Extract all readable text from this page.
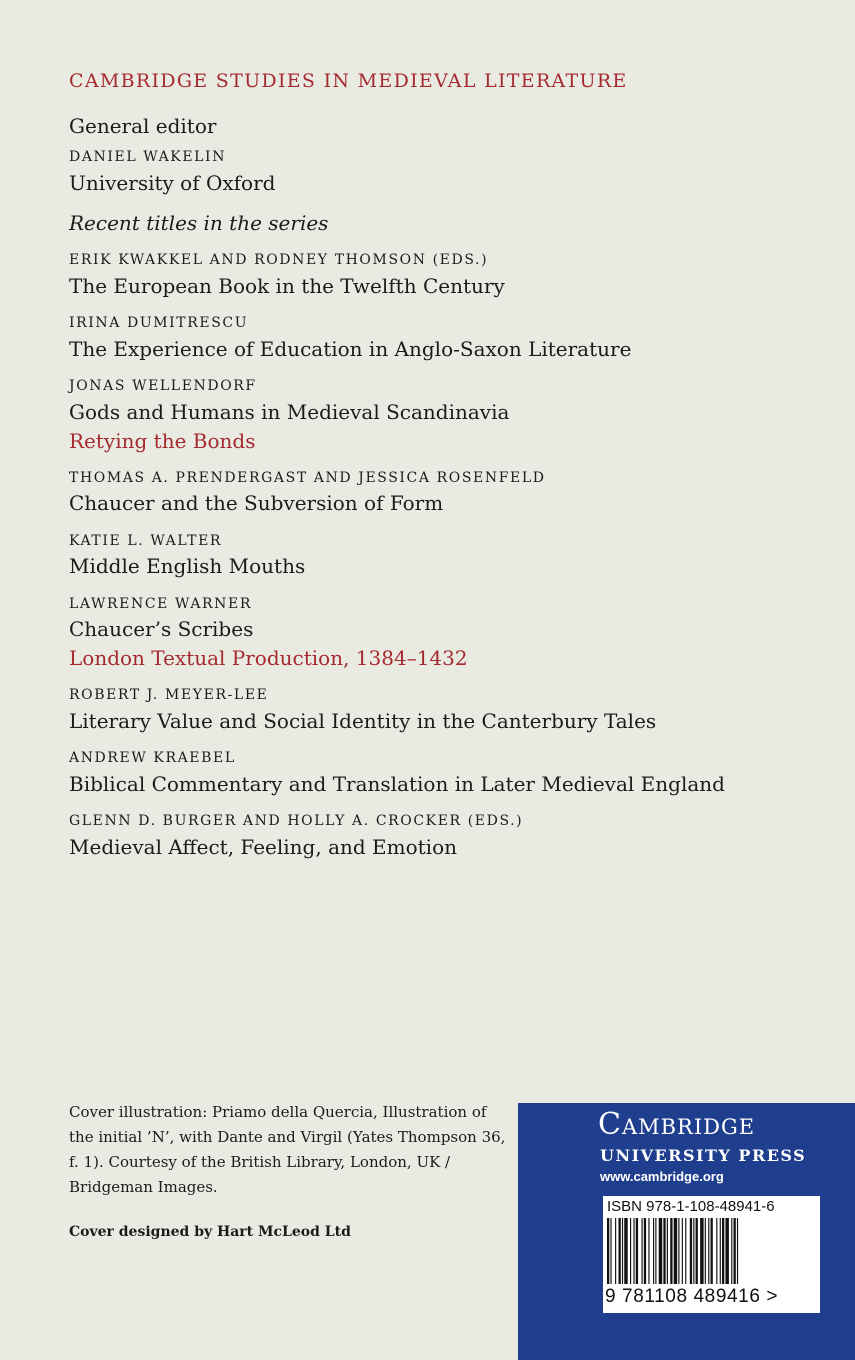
CAMBRIDGE STUDIES IN MEDIEVAL LITERATURE
General editor
DANIEL WAKELIN
University of Oxford
Recent titles in the series
ERIK KWAKKEL AND RODNEY THOMSON (EDS.)
The European Book in the Twelfth Century
IRINA DUMITRESCU
The Experience of Education in Anglo-Saxon Literature
JONAS WELLENDORF
Gods and Humans in Medieval Scandinavia
Retying the Bonds
THOMAS A. PRENDERGAST AND JESSICA ROSENFELD
Chaucer and the Subversion of Form
KATIE L. WALTER
Middle English Mouths
LAWRENCE WARNER
Chaucer’s Scribes
London Textual Production, 1384–1432
ROBERT J. MEYER-LEE
Literary Value and Social Identity in the Canterbury Tales
ANDREW KRAEBEL
Biblical Commentary and Translation in Later Medieval England
GLENN D. BURGER AND HOLLY A. CROCKER (EDS.)
Medieval Affect, Feeling, and Emotion
Cover illustration: Priamo della Quercia, Illustration of the initial ’N’, with Dante and Virgil (Yates Thompson 36, f. 1). Courtesy of the British Library, London, UK / Bridgeman Images.
Cover designed by Hart McLeod Ltd
Cambridge
UNIVERSITY PRESS
www.cambridge.org
ISBN 978-1-108-48941-6
9 781108 489416 >
